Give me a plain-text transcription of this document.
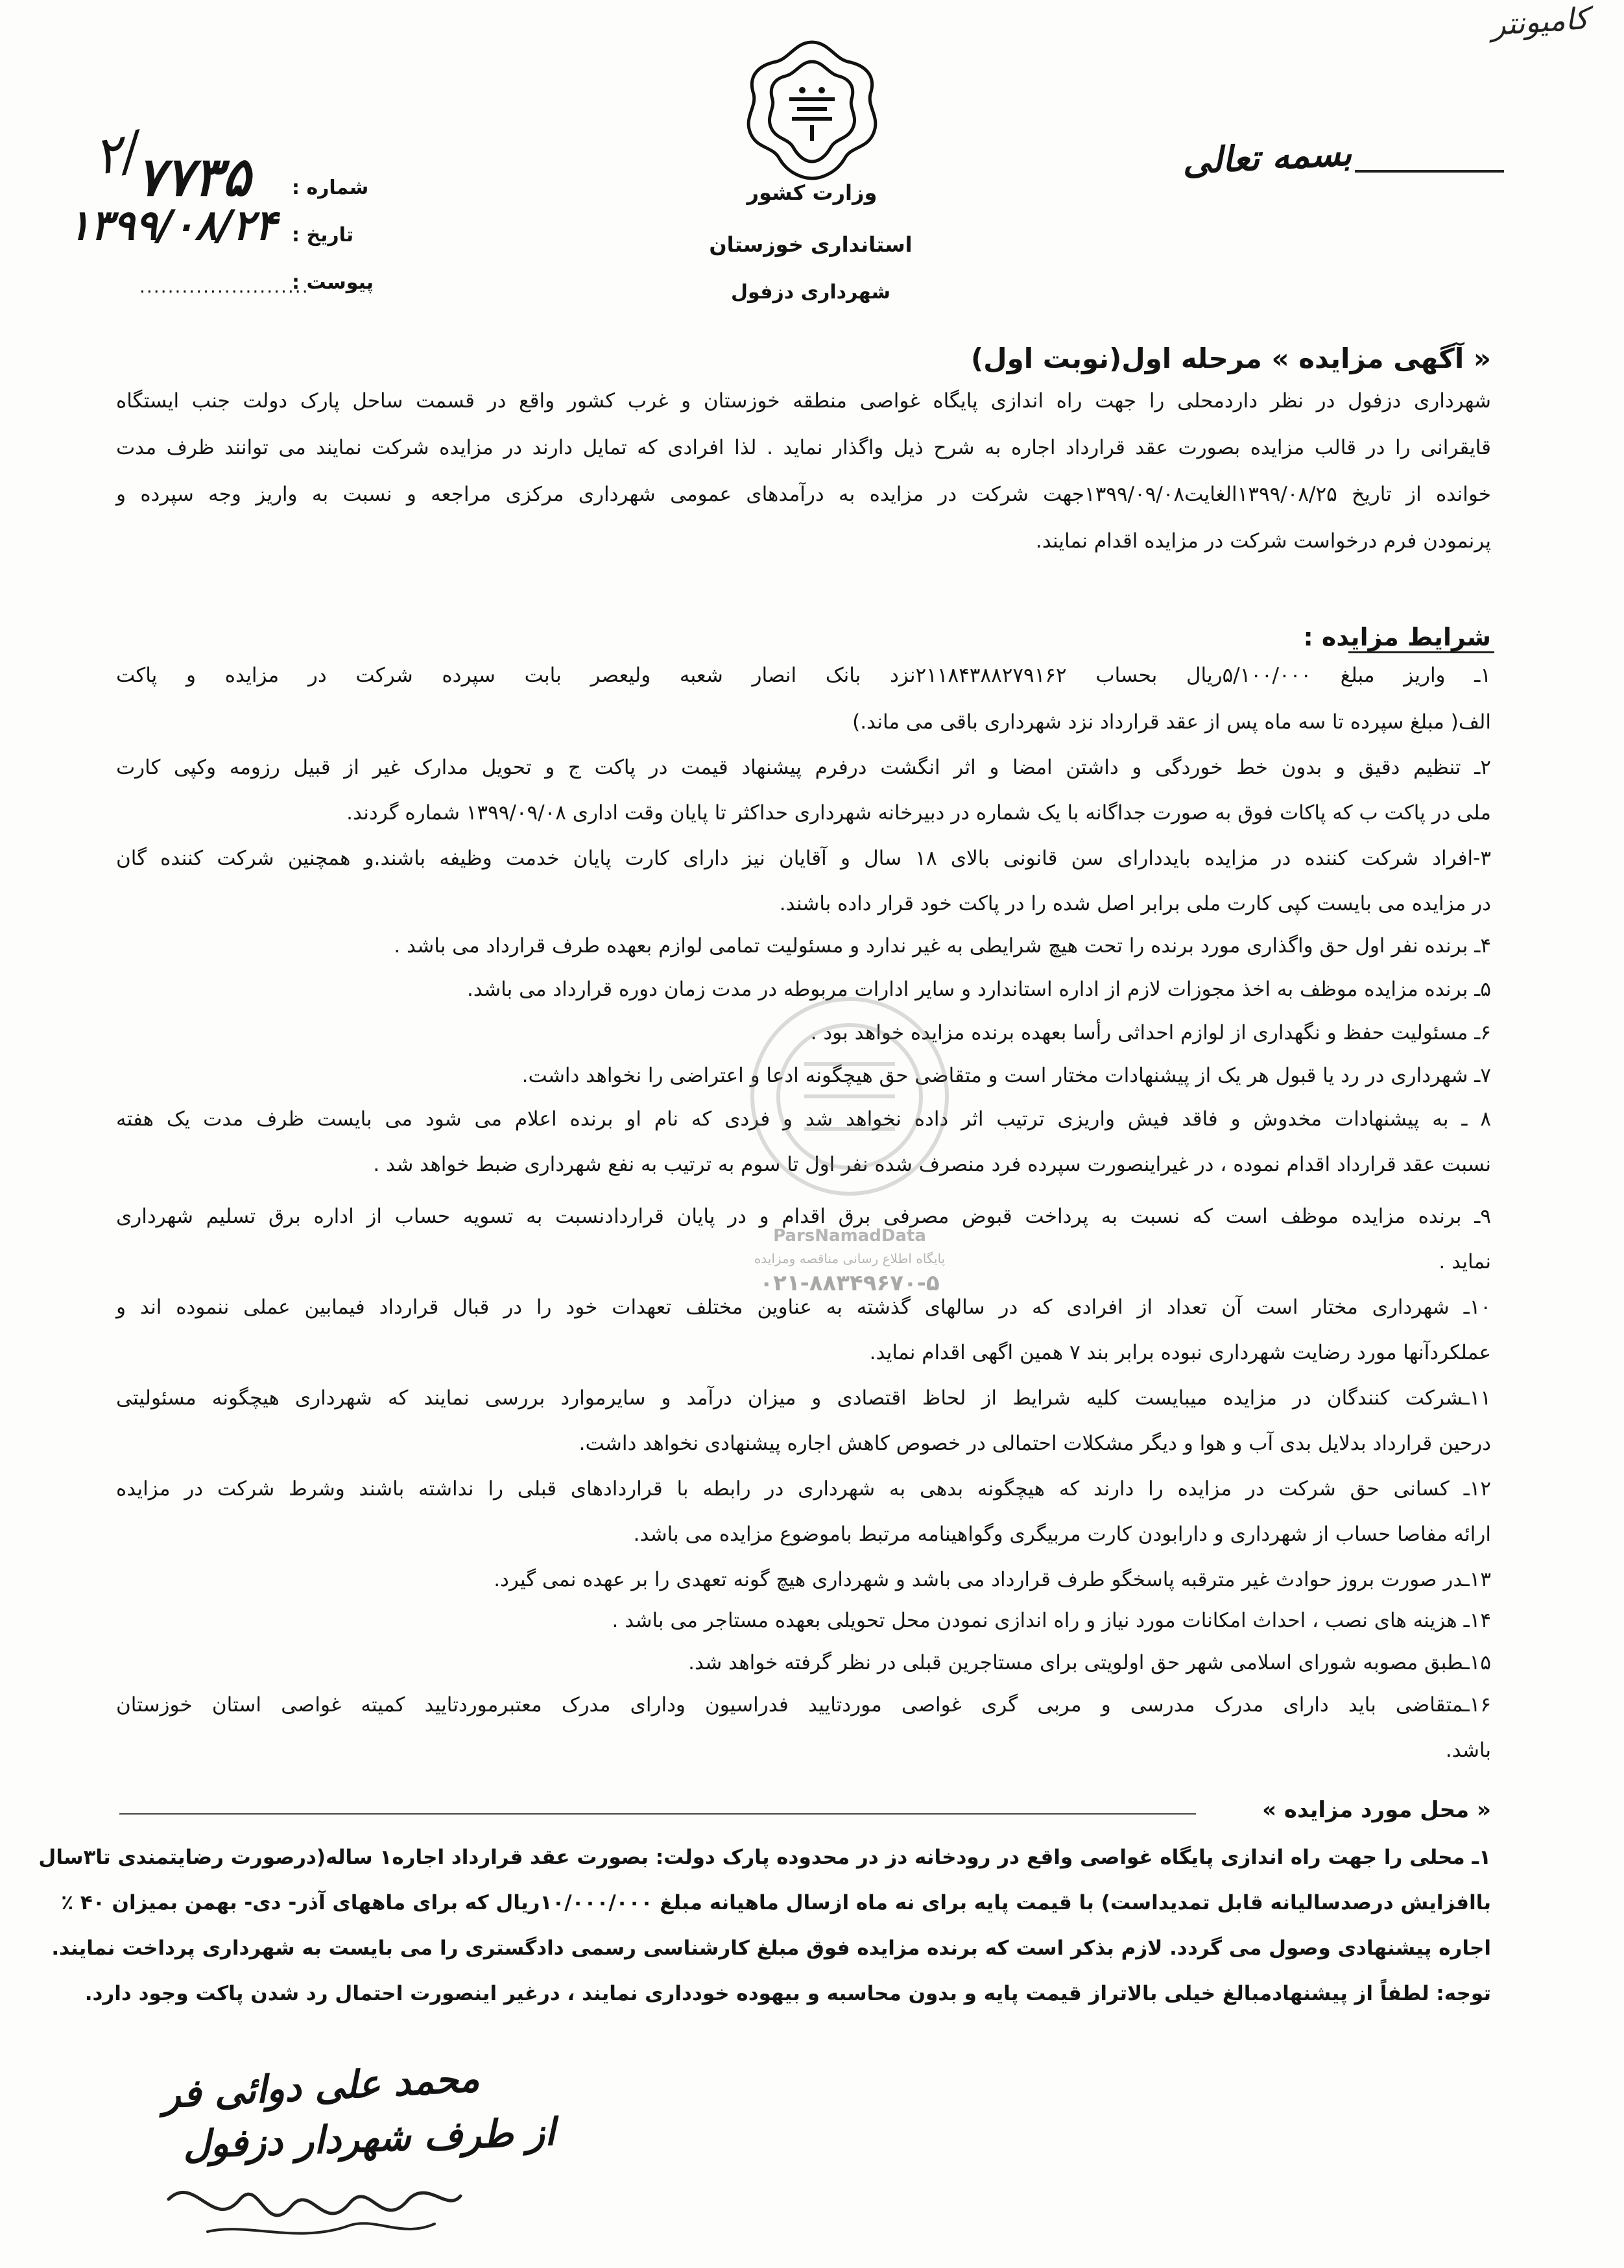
کامیونتر
بسمه تعالی
وزارت کشور
استانداری خوزستان
شهرداری دزفول
شماره :
تاریخ :
پیوست :
۲/
۷۷۳۵
۱۳۹۹/۰۸/۲۴
........................
« آگهی مزایده » مرحله اول(نوبت اول)
شهرداری دزفول در نظر داردمحلی را جهت راه اندازی پایگاه غواصی منطقه خوزستان و غرب کشور واقع در قسمت ساحل پارک دولت جنب ایستگاه
قایقرانی را در قالب مزایده بصورت عقد قرارداد اجاره به شرح ذیل واگذار نماید . لذا افرادی که تمایل دارند در مزایده شرکت نمایند می توانند ظرف مدت
خوانده از تاریخ ۱۳۹۹/۰۸/۲۵الغایت۱۳۹۹/۰۹/۰۸جهت شرکت در مزایده به درآمدهای عمومی شهرداری مرکزی مراجعه و نسبت به واریز وجه سپرده و
پرنمودن فرم درخواست شرکت در مزایده اقدام نمایند.
شرایط مزایده :
۱ـ واریز مبلغ ۵/۱۰۰/۰۰۰ریال بحساب ۲۱۱۸۴۳۸۸۲۷۹۱۶۲نزد بانک انصار شعبه ولیعصر بابت سپرده شرکت در مزایده و پاکت
الف( مبلغ سپرده تا سه ماه پس از عقد قرارداد نزد شهرداری باقی می ماند.)
۲ـ تنظیم دقیق و بدون خط خوردگی و داشتن امضا و اثر انگشت درفرم پیشنهاد قیمت در پاکت ج و تحویل مدارک غیر از قبیل رزومه وکپی کارت
ملی در پاکت ب که پاکات فوق به صورت جداگانه با یک شماره در دبیرخانه شهرداری حداکثر تا پایان وقت اداری ۱۳۹۹/۰۹/۰۸ شماره گردند.
۳-افراد شرکت کننده در مزایده بایددارای سن قانونی بالای ۱۸ سال و آقایان نیز دارای کارت پایان خدمت وظیفه باشند.و همچنین شرکت کننده گان
در مزایده می بایست کپی کارت ملی برابر اصل شده را در پاکت خود قرار داده باشند.
۴ـ برنده نفر اول حق واگذاری مورد برنده را تحت هیچ شرایطی به غیر ندارد و مسئولیت تمامی لوازم بعهده طرف قرارداد می باشد .
۵ـ برنده مزایده موظف به اخذ مجوزات لازم از اداره استاندارد و سایر ادارات مربوطه در مدت زمان دوره قرارداد می باشد.
۶ـ مسئولیت حفظ و نگهداری از لوازم احداثی رأسا بعهده برنده مزایده خواهد بود .
۷ـ شهرداری در رد یا قبول هر یک از پیشنهادات مختار است و متقاضی حق هیچگونه ادعا و اعتراضی را نخواهد داشت.
۸ ـ به پیشنهادات مخدوش و فاقد فیش واریزی ترتیب اثر داده نخواهد شد و فردی که نام او برنده اعلام می شود می بایست ظرف مدت یک هفته
نسبت عقد قرارداد اقدام نموده ، در غیراینصورت سپرده فرد منصرف شده نفر اول تا سوم به ترتیب به نفع شهرداری ضبط خواهد شد .
۹ـ برنده مزایده موظف است که نسبت به پرداخت قبوض مصرفی برق اقدام و در پایان قراردادنسبت به تسویه حساب از اداره برق تسلیم شهرداری
نماید .
۱۰ـ شهرداری مختار است آن تعداد از افرادی که در سالهای گذشته به عناوین مختلف تعهدات خود را در قبال قرارداد فیمابین عملی ننموده اند و
عملکردآنها مورد رضایت شهرداری نبوده برابر بند ۷ همین اگهی اقدام نماید.
۱۱ـشرکت کنندگان در مزایده میبایست کلیه شرایط از لحاظ اقتصادی و میزان درآمد و سایرموارد بررسی نمایند که شهرداری هیچگونه مسئولیتی
درحین قرارداد بدلایل بدی آب و هوا و دیگر مشکلات احتمالی در خصوص کاهش اجاره پیشنهادی نخواهد داشت.
۱۲ـ کسانی حق شرکت در مزایده را دارند که هیچگونه بدهی به شهرداری در رابطه با قراردادهای قبلی را نداشته باشند وشرط شرکت در مزایده
ارائه مفاصا حساب از شهرداری و دارابودن کارت مربیگری وگواهینامه مرتبط باموضوع مزایده می باشد.
۱۳ـدر صورت بروز حوادث غیر مترقبه پاسخگو طرف قرارداد می باشد و شهرداری هیچ گونه تعهدی را بر عهده نمی گیرد.
۱۴ـ هزینه های نصب ، احداث امکانات مورد نیاز و راه اندازی نمودن محل تحویلی بعهده مستاجر می باشد .
۱۵ـطبق مصوبه شورای اسلامی شهر حق اولویتی برای مستاجرین قبلی در نظر گرفته خواهد شد.
۱۶ـمتقاضی باید دارای مدرک مدرسی و مربی گری غواصی موردتایید فدراسیون ودارای مدرک معتبرموردتایید کمیته غواصی استان خوزستان
باشد.
« محل مورد مزایده »
۱ـ محلی را جهت راه اندازی پایگاه غواصی واقع در رودخانه دز در محدوده پارک دولت: بصورت عقد قرارداد اجاره۱ ساله(درصورت رضایتمندی تا۳سال
باافزایش درصدسالیانه قابل تمدیداست) با قیمت پایه برای نه ماه ازسال ماهیانه مبلغ ۱۰/۰۰۰/۰۰۰ریال که برای ماههای آذر- دی- بهمن بمیزان ۴۰ ٪
اجاره پیشنهادی وصول می گردد. لازم بذکر است که برنده مزایده فوق مبلغ کارشناسی رسمی دادگستری را می بایست به شهرداری پرداخت نمایند.
توجه: لطفاً از پیشنهادمبالغ خیلی بالاتراز قیمت پایه و بدون محاسبه و بیهوده خودداری نمایند ، درغیر اینصورت احتمال رد شدن پاکت وجود دارد.
ParsNamadData
پایگاه اطلاع رسانی مناقصه ومزایده
۰۲۱-۸۸۳۴۹۶۷۰-۵
محمد علی دوائی فر
از طرف شهردار دزفول
